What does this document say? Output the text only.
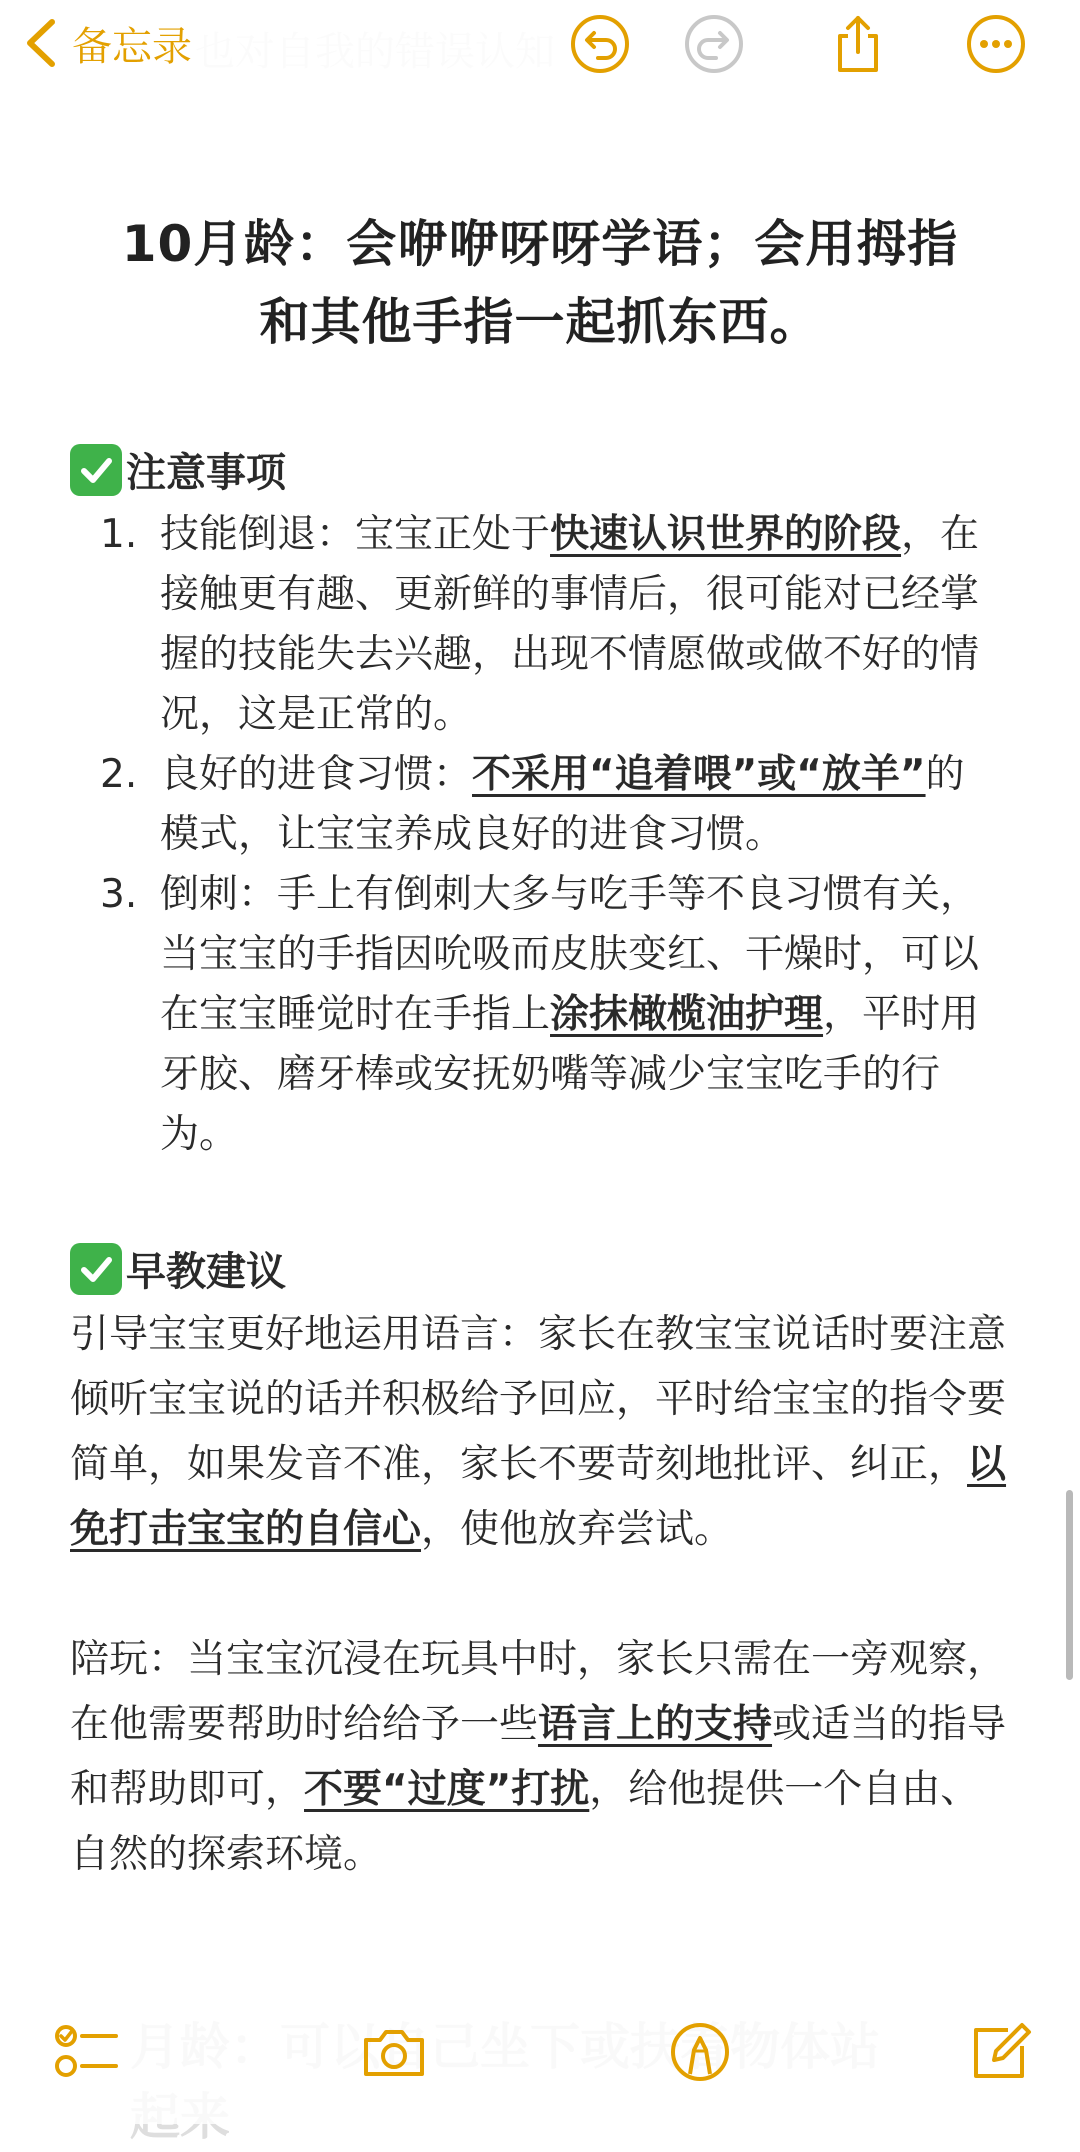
备忘录
10月龄：会咿咿呀呀学语；会用拇指
和其他手指一起抓东西。
注意事项
1. 技能倒退：宝宝正处于快速认识世界的阶段，在接触更有趣、更新鲜的事情后，很可能对已经掌握的技能失去兴趣，出现不情愿做或做不好的情况，这是正常的。
2. 良好的进食习惯：不采用“追着喂”或“放羊”的模式，让宝宝养成良好的进食习惯。
3. 倒刺：手上有倒刺大多与吃手等不良习惯有关，当宝宝的手指因吮吸而皮肤变红、干燥时，可以在宝宝睡觉时在手指上涂抹橄榄油护理，平时用牙胶、磨牙棒或安抚奶嘴等减少宝宝吃手的行为。
早教建议
引导宝宝更好地运用语言：家长在教宝宝说话时要注意倾听宝宝说的话并积极给予回应，平时给宝宝的指令要简单，如果发音不准，家长不要苛刻地批评、纠正，以免打击宝宝的自信心，使他放弃尝试。
陪玩：当宝宝沉浸在玩具中时，家长只需在一旁观察，在他需要帮助时给给予一些语言上的支持或适当的指导和帮助即可，不要“过度”打扰，给他提供一个自由、自然的探索环境。
